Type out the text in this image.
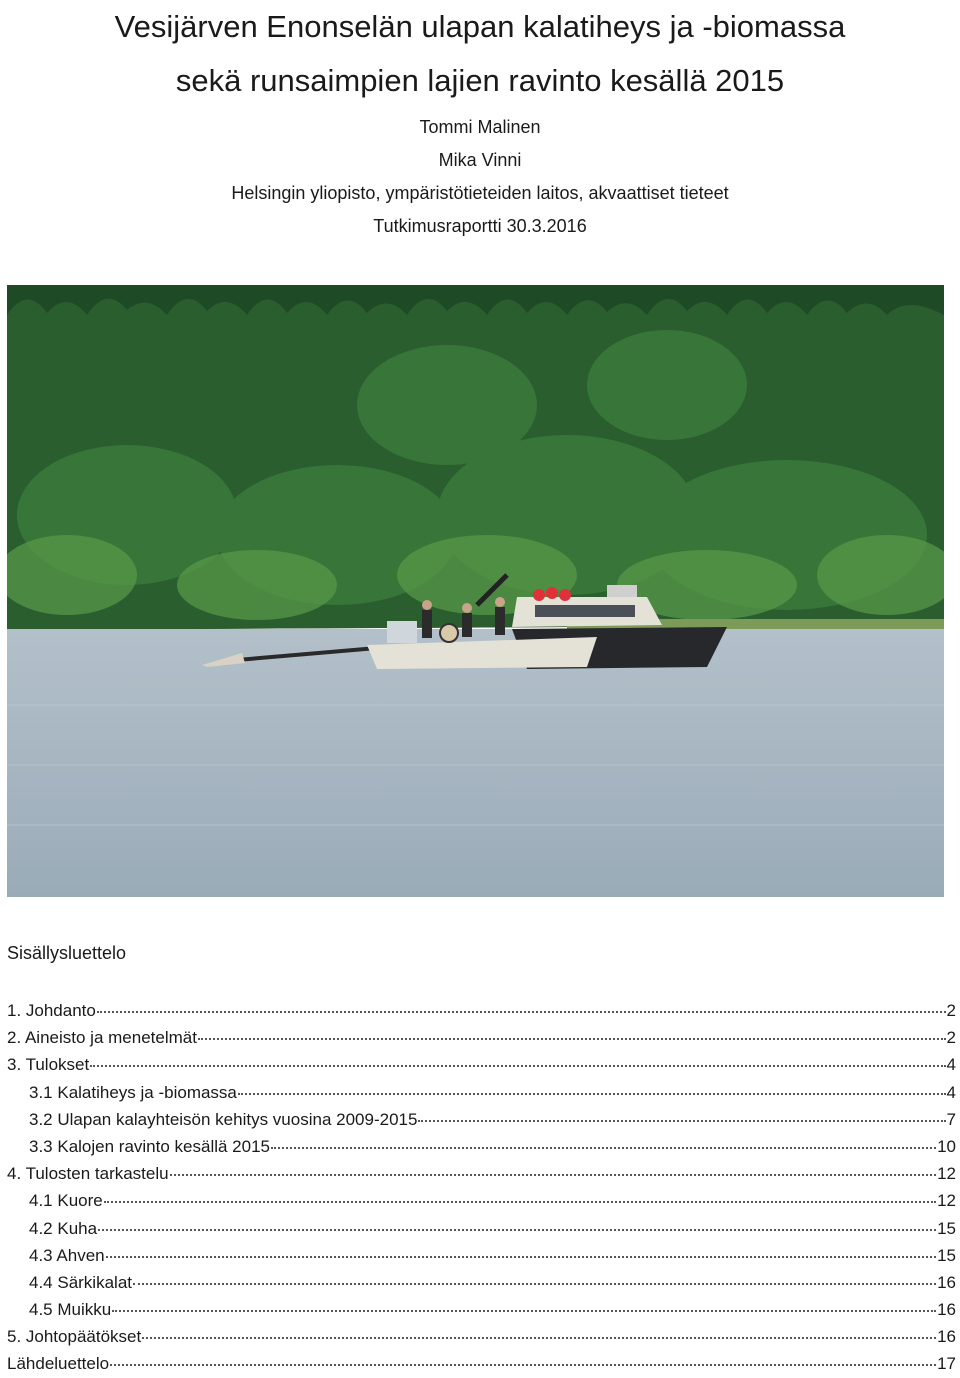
Vesijärven Enonselän ulapan kalatiheys ja -biomassa
sekä runsaimpien lajien ravinto kesällä 2015
Tommi Malinen
Mika Vinni
Helsingin yliopisto, ympäristötieteiden laitos, akvaattiset tieteet
Tutkimusraportti 30.3.2016
Sisällysluettelo
1. Johdanto	2
2. Aineisto ja menetelmät	2
3. Tulokset	4
3.1 Kalatiheys ja -biomassa	4
3.2 Ulapan kalayhteisön kehitys vuosina 2009-2015	7
3.3 Kalojen ravinto kesällä 2015	10
4. Tulosten tarkastelu	12
4.1 Kuore	12
4.2 Kuha	15
4.3 Ahven	15
4.4 Särkikalat	16
4.5 Muikku	16
5. Johtopäätökset	16
Lähdeluettelo	17
